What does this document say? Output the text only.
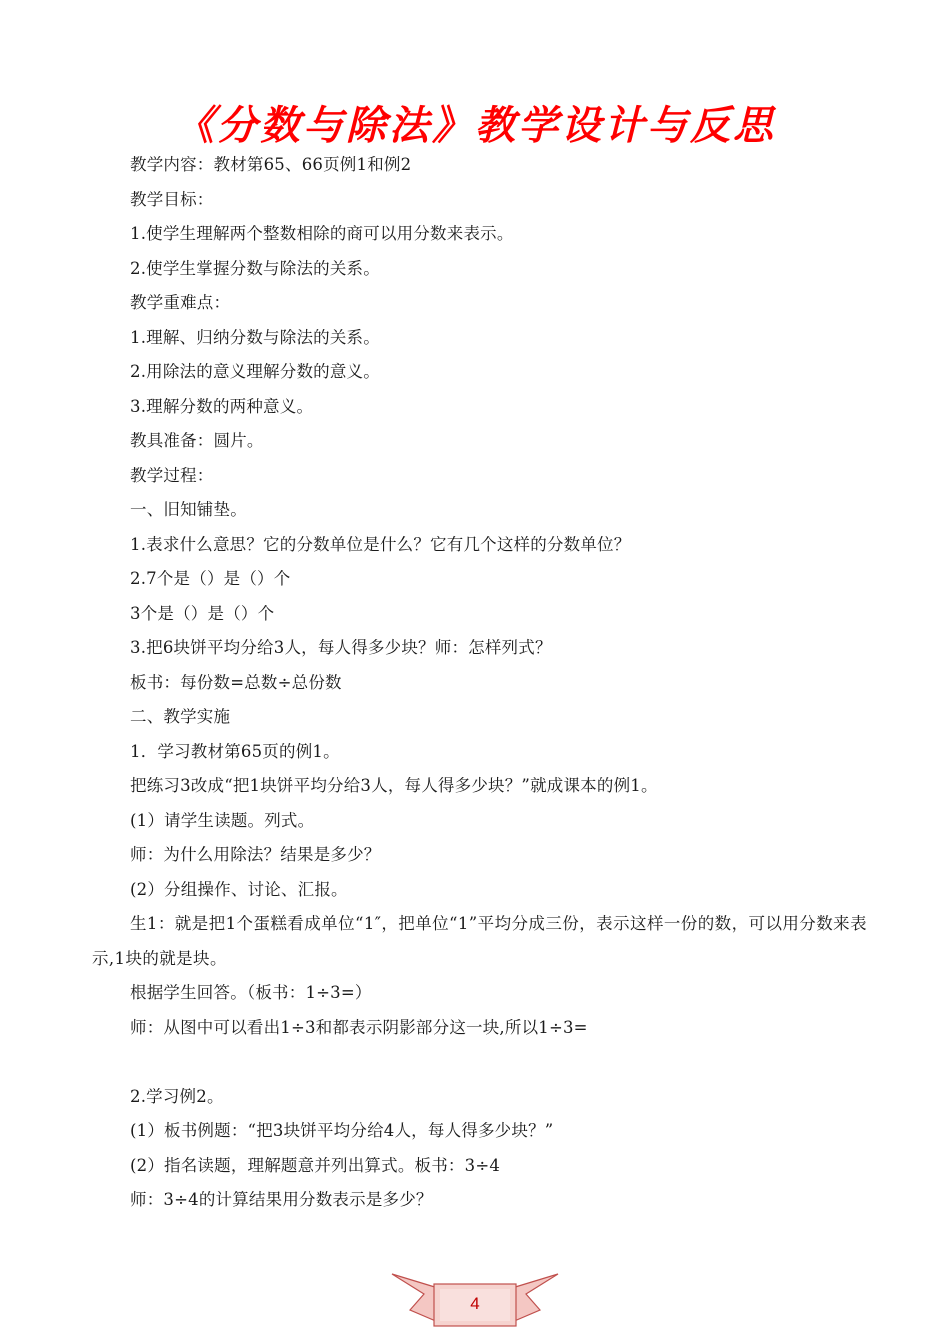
《分数与除法》教学设计与反思
教学内容：教材第65、66页例1和例2
教学目标：
1.使学生理解两个整数相除的商可以用分数来表示。
2.使学生掌握分数与除法的关系。
教学重难点：
1.理解、归纳分数与除法的关系。
2.用除法的意义理解分数的意义。
3.理解分数的两种意义。
教具准备：圆片。
教学过程：
一、旧知铺垫。
1.表求什么意思？它的分数单位是什么？它有几个这样的分数单位？
2.7个是（）是（）个
3个是（）是（）个
3.把6块饼平均分给3人，每人得多少块？师：怎样列式？
板书：每份数=总数÷总份数
二、教学实施
1．学习教材第65页的例1。
把练习3改成“把1块饼平均分给3人，每人得多少块？”就成课本的例1。
(1）请学生读题。列式。
师：为什么用除法？结果是多少？
(2）分组操作、讨论、汇报。
生1：就是把1个蛋糕看成单位“1″，把单位“1”平均分成三份，表示这样一份的数，可以用分数来表示,1块的就是块。
根据学生回答。（板书：1÷3=）
师：从图中可以看出1÷3和都表示阴影部分这一块,所以1÷3=
2.学习例2。
(1）板书例题：“把3块饼平均分给4人，每人得多少块？”
(2）指名读题，理解题意并列出算式。板书：3÷4
师：3÷4的计算结果用分数表示是多少？
4
